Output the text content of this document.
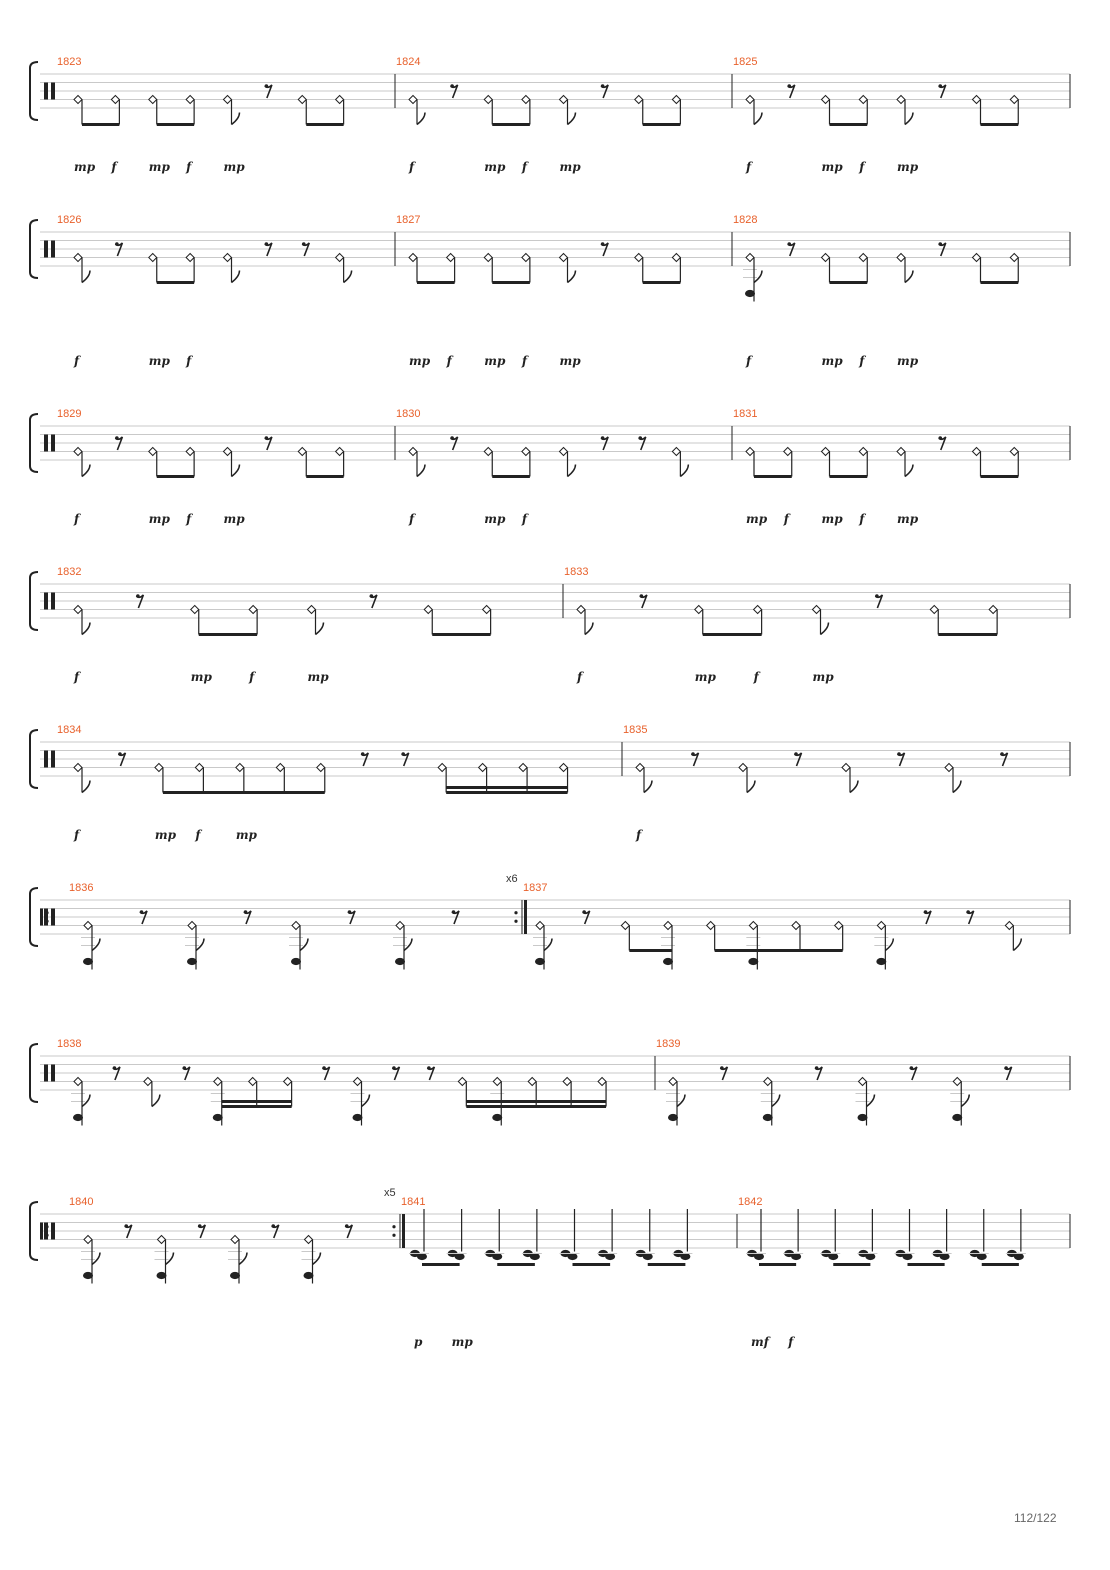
1823
mp f	mp f	mp
1824
f	mp f	mp
1825
f	mp f	mp
1826
f	mp f
1827
mp f	mp f	mp
1828
f	mp f	mp
1829
f	mp f	mp
1830
f	mp f
1831
mp f	mp f	mp
1832
f	mp	f	mp
1833
f	mp	f	mp
1834
f	mp f	mp
1835
f
1836
x6
1837
1838	1839
1840
x5
1841
p mp
1842
mf f
112/122
